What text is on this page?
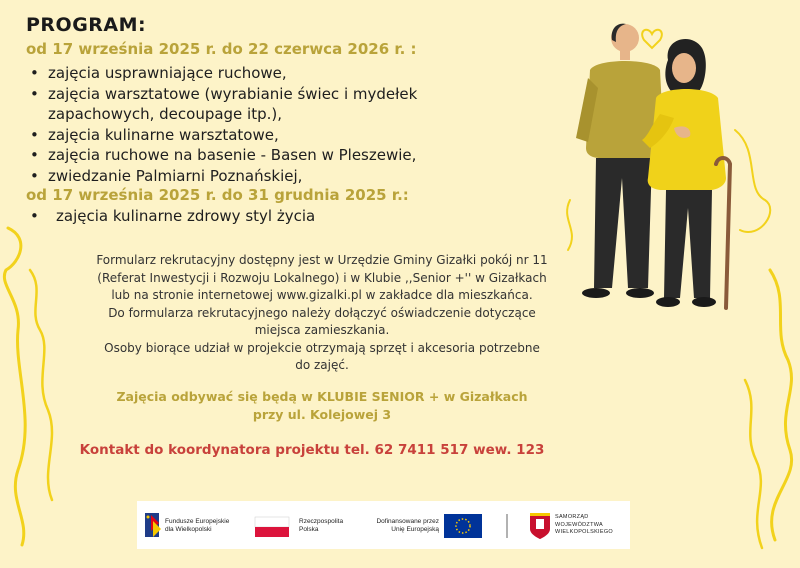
PROGRAM:
od 17 września 2025 r. do 22 czerwca 2026 r. :
• zajęcia usprawniające ruchowe,
• zajęcia warsztatowe (wyrabianie świec i mydełek zapachowych, decoupage itp.),
• zajęcia kulinarne warsztatowe,
• zajęcia ruchowe na basenie - Basen w Pleszewie,
• zwiedzanie Palmiarni Poznańskiej,
od 17 września 2025 r. do 31 grudnia 2025 r.:
• zajęcia kulinarne zdrowy styl życia

Formularz rekrutacyjny dostępny jest w Urzędzie Gminy Gizałki pokój nr 11

(Referat Inwestycji i Rozwoju Lokalnego) i w Klubie ,,Senior +'' w Gizałkach

lub na stronie internetowej www.gizalki.pl w zakładce dla mieszkańca.

Do formularza rekrutacyjnego należy dołączyć oświadczenie dotyczące

miejsca zamieszkania.

Osoby biorące udział w projekcie otrzymają sprzęt i akcesoria potrzebne

do zajęć.

Zajęcia odbywać się będą w KLUBIE SENIOR + w Gizałkach

przy ul. Kolejowej 3

Kontakt do koordynatora projektu tel. 62 7411 517 wew. 123
Fundusze Europejskie
dla Wielkopolski
Rzeczpospolita
Polska
Dofinansowane przez
Unię Europejską
SAMORZĄD
WOJEWÓDZTWA
WIELKOPOLSKIEGO
